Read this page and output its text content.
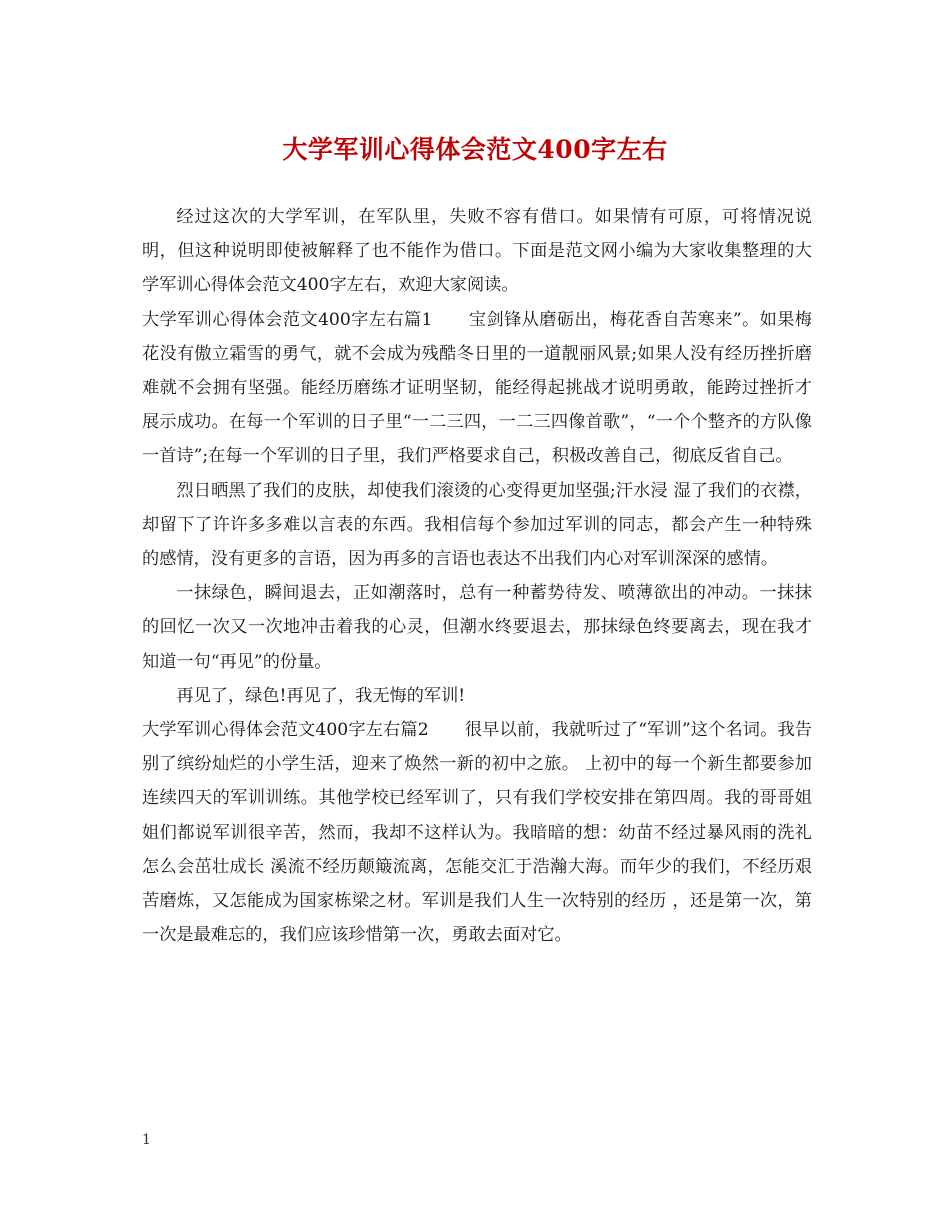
大学军训心得体会范文400字左右

经过这次的大学军训，在军队里，失败不容有借口。如果情有可原，可将情况说明，但这种说明即使被解释了也不能作为借口。下面是范文网小编为大家收集整理的大学军训心得体会范文400字左右，欢迎大家阅读。

大学军训心得体会范文400字左右篇1 宝剑锋从磨砺出，梅花香自苦寒来”。如果梅花没有傲立霜雪的勇气，就不会成为残酷冬日里的一道靓丽风景;如果人没有经历挫折磨难就不会拥有坚强。能经历磨练才证明坚韧，能经得起挑战才说明勇敢，能跨过挫折才展示成功。在每一个军训的日子里“一二三四，一二三四像首歌”，“一个个整齐的方队像一首诗”;在每一个军训的日子里，我们严格要求自己，积极改善自己，彻底反省自己。

烈日晒黑了我们的皮肤，却使我们滚烫的心变得更加坚强;汗水浸 湿了我们的衣襟，却留下了许许多多难以言表的东西。我相信每个参加过军训的同志，都会产生一种特殊的感情，没有更多的言语，因为再多的言语也表达不出我们内心对军训深深的感情。

一抹绿色，瞬间退去，正如潮落时，总有一种蓄势待发、喷薄欲出的冲动。一抹抹的回忆一次又一次地冲击着我的心灵，但潮水终要退去，那抹绿色终要离去，现在我才知道一句“再见”的份量。

再见了，绿色!再见了，我无悔的军训!

大学军训心得体会范文400字左右篇2 很早以前，我就听过了“军训”这个名词。我告别了缤纷灿烂的小学生活，迎来了焕然一新的初中之旅。 上初中的每一个新生都要参加连续四天的军训训练。其他学校已经军训了，只有我们学校安排在第四周。我的哥哥姐姐们都说军训很辛苦，然而，我却不这样认为。我暗暗的想：幼苗不经过暴风雨的洗礼怎么会茁壮成长 溪流不经历颠簸流离，怎能交汇于浩瀚大海。而年少的我们，不经历艰苦磨炼，又怎能成为国家栋梁之材。军训是我们人生一次特别的经历 ，还是第一次，第一次是最难忘的，我们应该珍惜第一次，勇敢去面对它。

1
